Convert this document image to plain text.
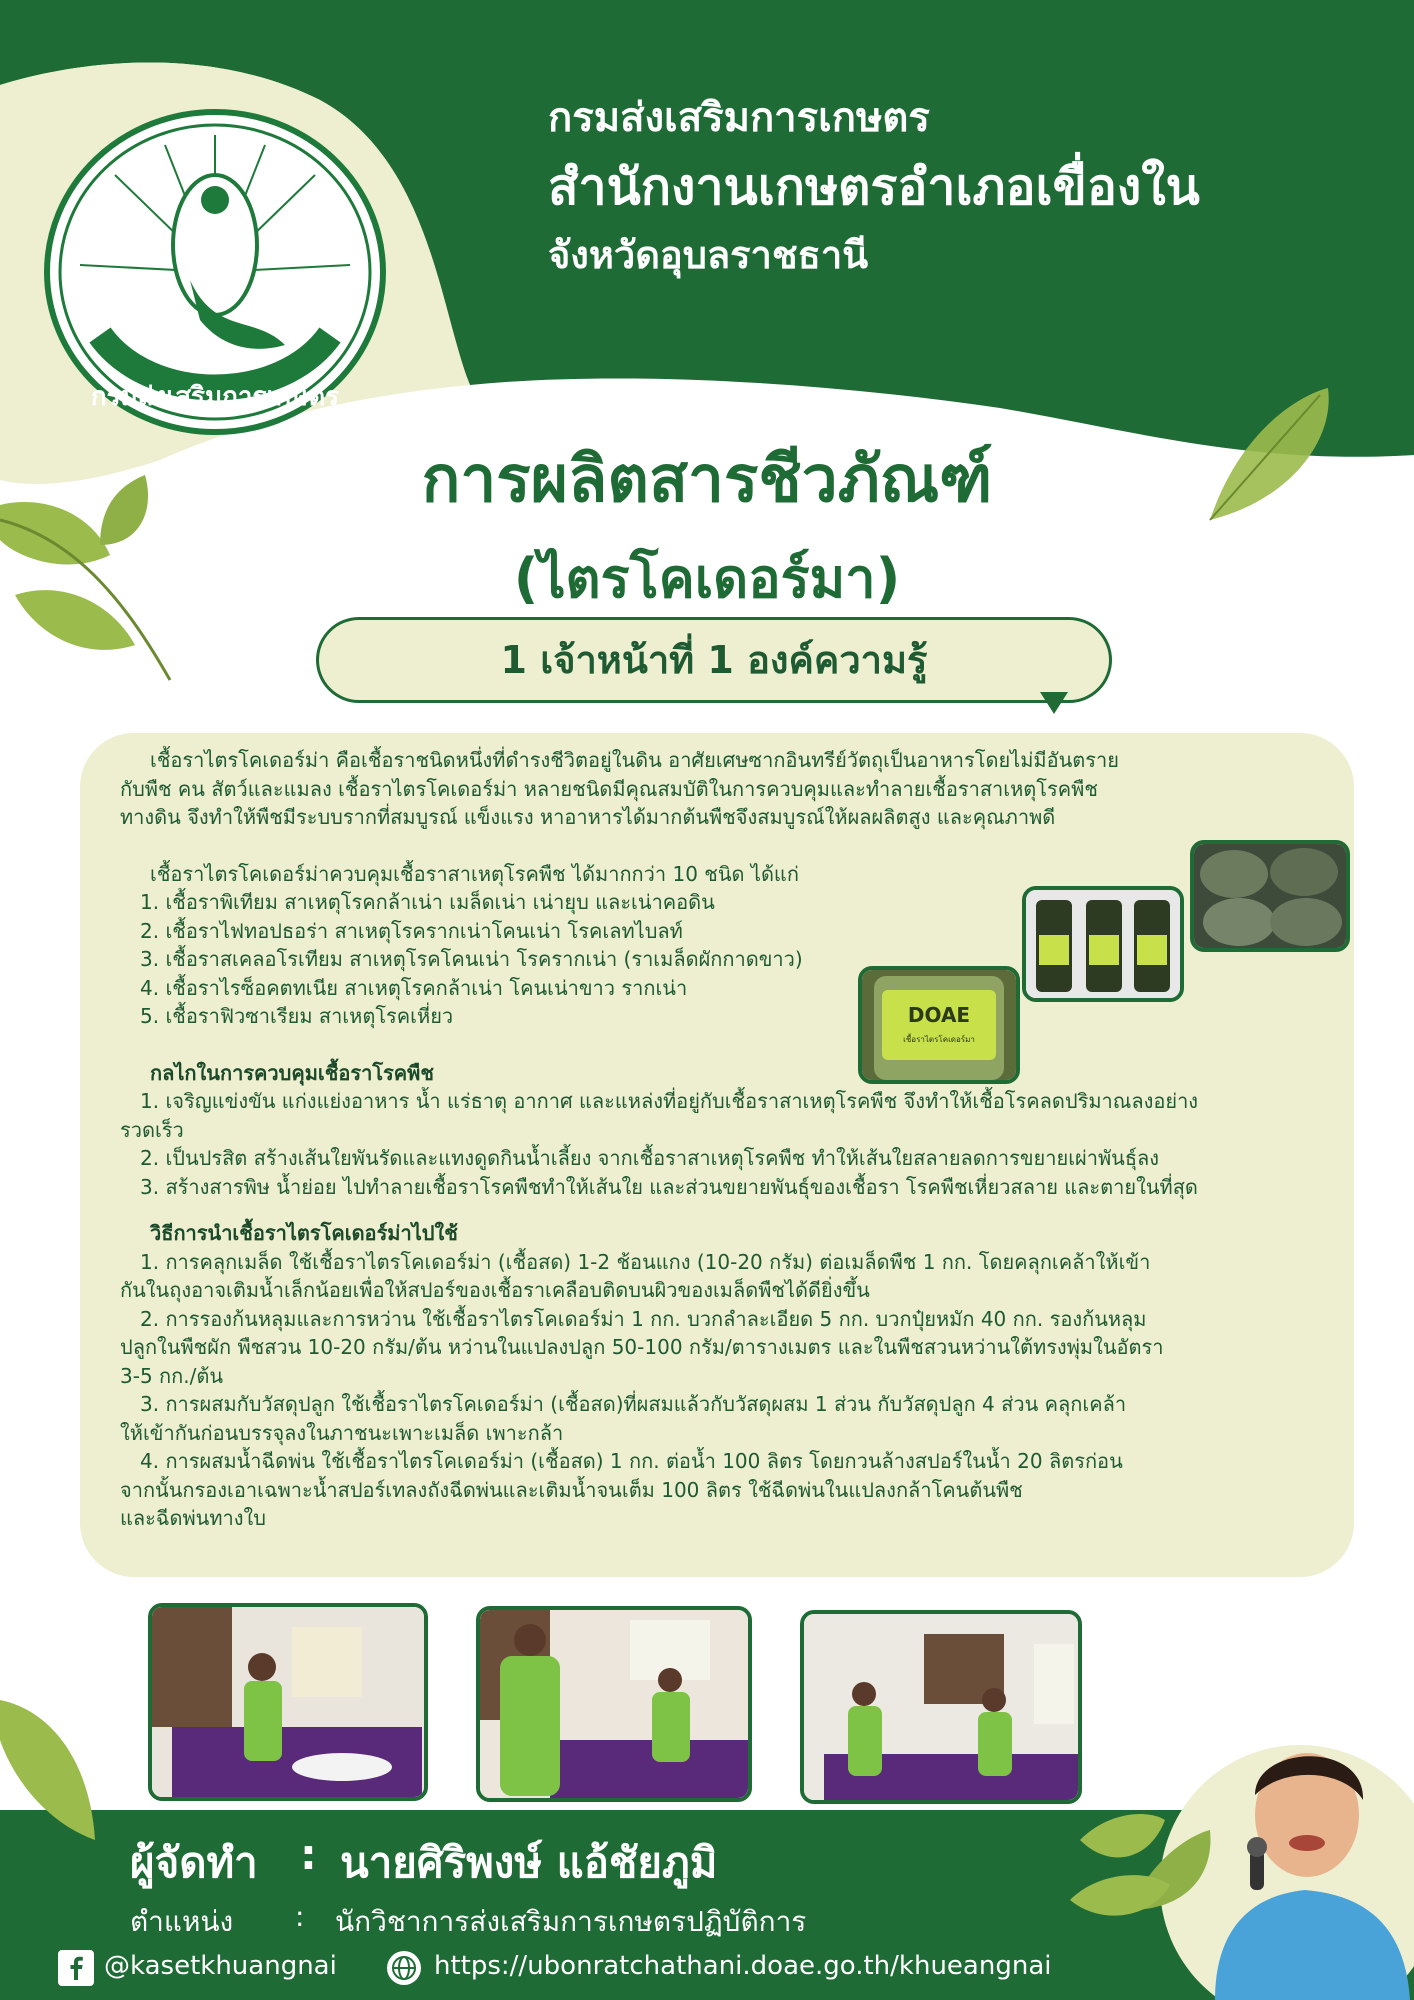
กรมส่งเสริมการเกษตร
กรมส่งเสริมการเกษตร
สำนักงานเกษตรอำเภอเขื่องใน
จังหวัดอุบลราชธานี
การผลิตสารชีวภัณฑ์
(ไตรโคเดอร์มา)
1 เจ้าหน้าที่ 1 องค์ความรู้

เชื้อราไตรโคเดอร์ม่า คือเชื้อราชนิดหนึ่งที่ดำรงชีวิตอยู่ในดิน อาศัยเศษซากอินทรีย์วัตถุเป็นอาหารโดยไม่มีอันตราย

กับพืช คน สัตว์และแมลง เชื้อราไตรโคเดอร์ม่า หลายชนิดมีคุณสมบัติในการควบคุมและทำลายเชื้อราสาเหตุโรคพืช

ทางดิน จึงทำให้พืชมีระบบรากที่สมบูรณ์ แข็งแรง หาอาหารได้มากต้นพืชจึงสมบูรณ์ให้ผลผลิตสูง และคุณภาพดี

เชื้อราไตรโคเดอร์ม่าควบคุมเชื้อราสาเหตุโรคพืช ได้มากกว่า 10 ชนิด ได้แก่

1. เชื้อราพิเทียม สาเหตุโรคกล้าเน่า เมล็ดเน่า เน่ายุบ และเน่าคอดิน

2. เชื้อราไฟทอปธอร่า สาเหตุโรครากเน่าโคนเน่า โรคเลทไบลท์

3. เชื้อราสเคลอโรเทียม สาเหตุโรคโคนเน่า โรครากเน่า (ราเมล็ดผักกาดขาว)

4. เชื้อราไรซ็อคตทเนีย สาเหตุโรคกล้าเน่า โคนเน่าขาว รากเน่า

5. เชื้อราฟิวซาเรียม สาเหตุโรคเหี่ยว

กลไกในการควบคุมเชื้อราโรคพืช

1. เจริญแข่งขัน แก่งแย่งอาหาร น้ำ แร่ธาตุ อากาศ และแหล่งที่อยู่กับเชื้อราสาเหตุโรคพืช จึงทำให้เชื้อโรคลดปริมาณลงอย่าง

รวดเร็ว

2. เป็นปรสิต สร้างเส้นใยพันรัดและแทงดูดกินน้ำเลี้ยง จากเชื้อราสาเหตุโรคพืช ทำให้เส้นใยสลายลดการขยายเผ่าพันธุ์ลง

3. สร้างสารพิษ น้ำย่อย ไปทำลายเชื้อราโรคพืชทำให้เส้นใย และส่วนขยายพันธุ์ของเชื้อรา โรคพืชเหี่ยวสลาย และตายในที่สุด

วิธีการนำเชื้อราไตรโคเดอร์ม่าไปใช้

1. การคลุกเมล็ด ใช้เชื้อราไตรโคเดอร์ม่า (เชื้อสด) 1-2 ช้อนแกง (10-20 กรัม) ต่อเมล็ดพืช 1 กก. โดยคลุกเคล้าให้เข้า

กันในถุงอาจเติมน้ำเล็กน้อยเพื่อให้สปอร์ของเชื้อราเคลือบติดบนผิวของเมล็ดพืชได้ดียิ่งขึ้น

2. การรองก้นหลุมและการหว่าน ใช้เชื้อราไตรโคเดอร์ม่า 1 กก. บวกลำละเอียด 5 กก. บวกปุ๋ยหมัก 40 กก. รองก้นหลุม

ปลูกในพืชผัก พืชสวน 10-20 กรัม/ต้น หว่านในแปลงปลูก 50-100 กรัม/ตารางเมตร และในพืชสวนหว่านใต้ทรงพุ่มในอัตรา

3-5 กก./ต้น

3. การผสมกับวัสดุปลูก ใช้เชื้อราไตรโคเดอร์ม่า (เชื้อสด)ที่ผสมแล้วกับวัสดุผสม 1 ส่วน กับวัสดุปลูก 4 ส่วน คลุกเคล้า

ให้เข้ากันก่อนบรรจุลงในภาชนะเพาะเมล็ด เพาะกล้า

4. การผสมน้ำฉีดพ่น ใช้เชื้อราไตรโคเดอร์ม่า (เชื้อสด) 1 กก. ต่อน้ำ 100 ลิตร โดยกวนล้างสปอร์ในน้ำ 20 ลิตรก่อน

จากนั้นกรองเอาเฉพาะน้ำสปอร์เทลงถังฉีดพ่นและเติมน้ำจนเต็ม 100 ลิตร ใช้ฉีดพ่นในแปลงกล้าโคนต้นพืช

และฉีดพ่นทางใบ

DOAE
เชื้อราไตรโคเดอร์มา
ผู้จัดทำ : นายศิริพงษ์ แอ้ชัยภูมิ
ตำแหน่ง : นักวิชาการส่งเสริมการเกษตรปฏิบัติการ
@kasetkhuangnai	https://ubonratchathani.doae.go.th/khueangnai
